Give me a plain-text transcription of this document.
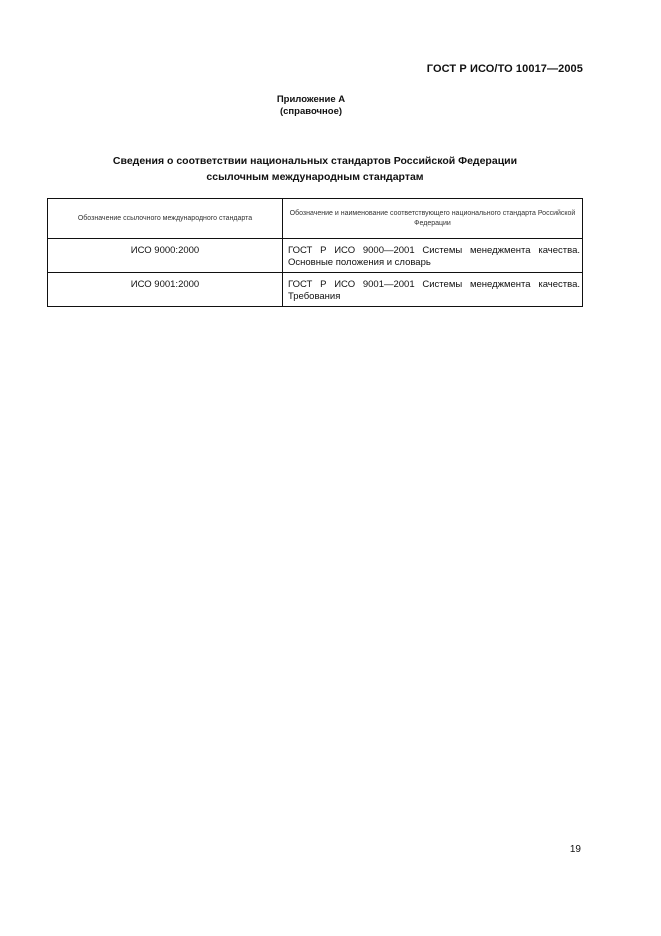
ГОСТ Р ИСО/ТО 10017—2005
Приложение А
(справочное)
Сведения о соответствии национальных стандартов Российской Федерации
ссылочным международным стандартам
Обозначение ссылочного международного стандарта	Обозначение и наименование соответствующего национального стандарта Российской Федерации
ИСО 9000:2000	ГОСТ Р ИСО 9000—2001 Системы менеджмента качества. Основные положения и словарь
ИСО 9001:2000	ГОСТ Р ИСО 9001—2001 Системы менеджмента качества. Требования
19
